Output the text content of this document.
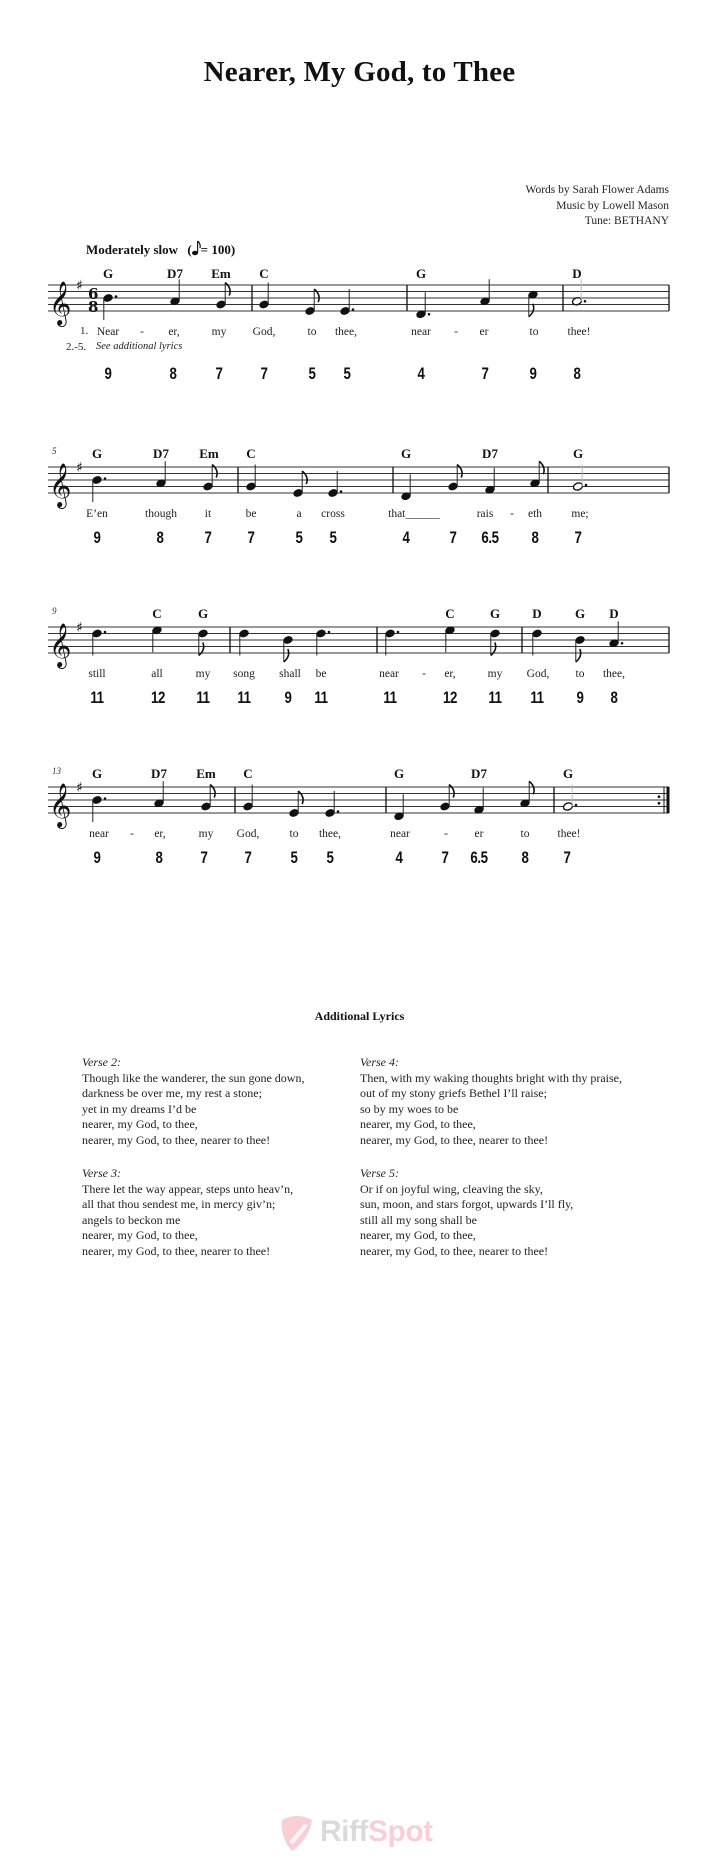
Nearer, My God, to Thee
Words by Sarah Flower Adams
Music by Lowell Mason
Tune: BETHANY
Moderately slow ( = 100)
1.
2.-5. See additional lyrics
𝄞 ♯ 6
8
G	D7 Em C	G	D
Near - er,	my God,	to thee,	near - er	to	thee!
9	8 7 7 5 5	4	7 9 8
5
𝄞 ♯
G	D7 Em C	G	D7	G
E’en	though it	be	a cross	that______	rais - eth	me;
9	8 7 7 5 5	4 7 6.5 8 7
9
𝄞 ♯
C	G	C	G D	G D
still	all	my song shall be	near - er,	my God, to thee,
11	12 11 11 9 11	11	12 11 11 9 8
13
𝄞 ♯
G	D7 Em C	G	D7	G
near - er,	my God,	to thee,	near	- er	to thee!
9	8 7 7 5 5	4 7 6.5 8 7
Additional Lyrics
Verse 2:
Though like the wanderer, the sun gone down,
darkness be over me, my rest a stone;
yet in my dreams I’d be
nearer, my God, to thee,
nearer, my God, to thee, nearer to thee!
Verse 3:
There let the way appear, steps unto heav’n,
all that thou sendest me, in mercy giv’n;
angels to beckon me
nearer, my God, to thee,
nearer, my God, to thee, nearer to thee!
Verse 4:
Then, with my waking thoughts bright with thy praise,
out of my stony griefs Bethel I’ll raise;
so by my woes to be
nearer, my God, to thee,
nearer, my God, to thee, nearer to thee!
Verse 5:
Or if on joyful wing, cleaving the sky,
sun, moon, and stars forgot, upwards I’ll fly,
still all my song shall be
nearer, my God, to thee,
nearer, my God, to thee, nearer to thee!
RiffSpot
